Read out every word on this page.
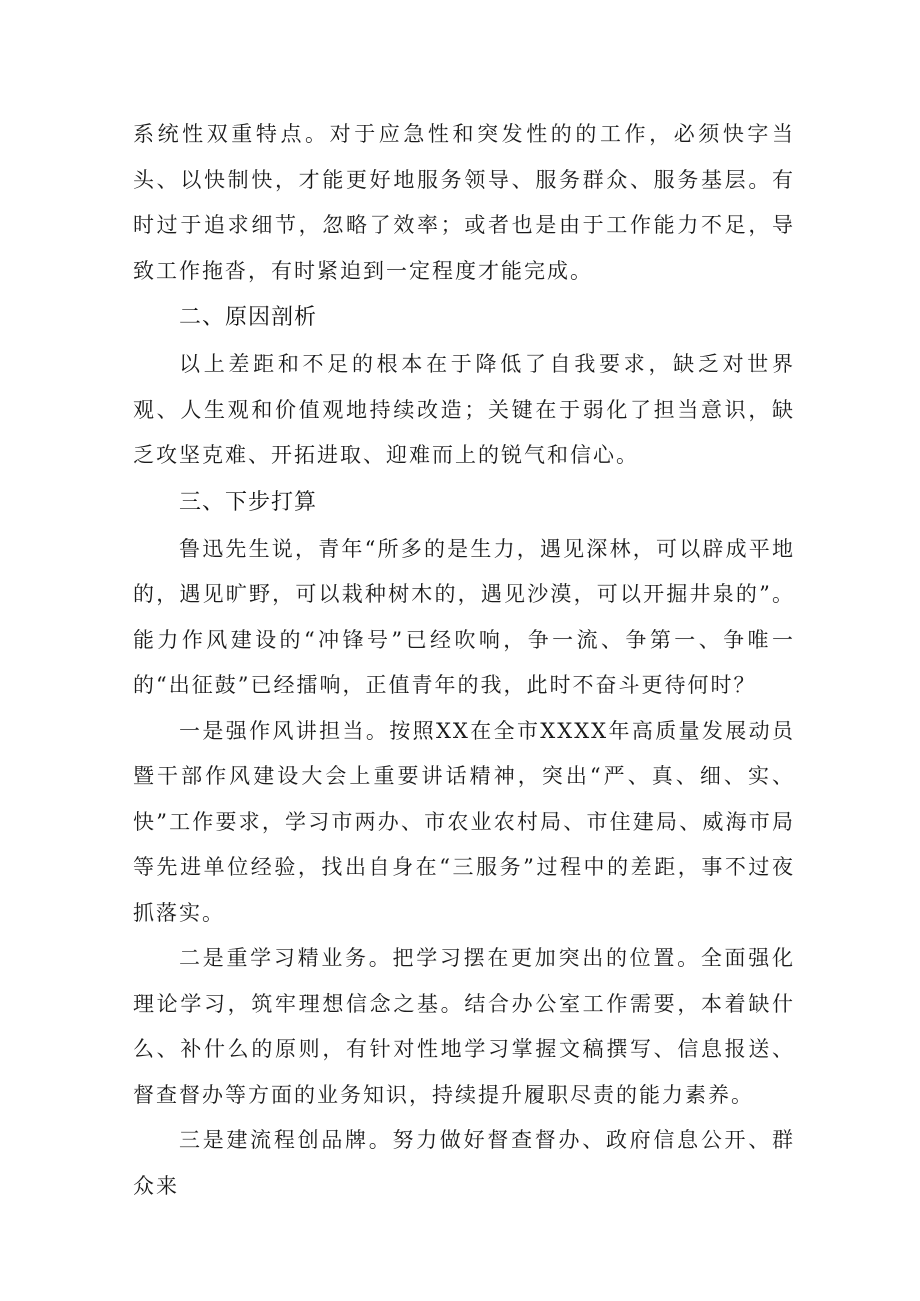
系统性双重特点。对于应急性和突发性的的工作，必须快字当头、以快制快，才能更好地服务领导、服务群众、服务基层。有时过于追求细节，忽略了效率；或者也是由于工作能力不足，导致工作拖沓，有时紧迫到一定程度才能完成。

二、原因剖析

以上差距和不足的根本在于降低了自我要求，缺乏对世界观、人生观和价值观地持续改造；关键在于弱化了担当意识，缺乏攻坚克难、开拓进取、迎难而上的锐气和信心。

三、下步打算

鲁迅先生说，青年“所多的是生力，遇见深林，可以辟成平地的，遇见旷野，可以栽种树木的，遇见沙漠，可以开掘井泉的”。能力作风建设的“冲锋号”已经吹响，争一流、争第一、争唯一的“出征鼓”已经擂响，正值青年的我，此时不奋斗更待何时？

一是强作风讲担当。按照XX在全市XXXX年高质量发展动员暨干部作风建设大会上重要讲话精神，突出“严、真、细、实、快”工作要求，学习市两办、市农业农村局、市住建局、威海市局等先进单位经验，找出自身在“三服务”过程中的差距，事不过夜抓落实。

二是重学习精业务。把学习摆在更加突出的位置。全面强化理论学习，筑牢理想信念之基。结合办公室工作需要，本着缺什么、补什么的原则，有针对性地学习掌握文稿撰写、信息报送、督查督办等方面的业务知识，持续提升履职尽责的能力素养。

三是建流程创品牌。努力做好督查督办、政府信息公开、群众来
